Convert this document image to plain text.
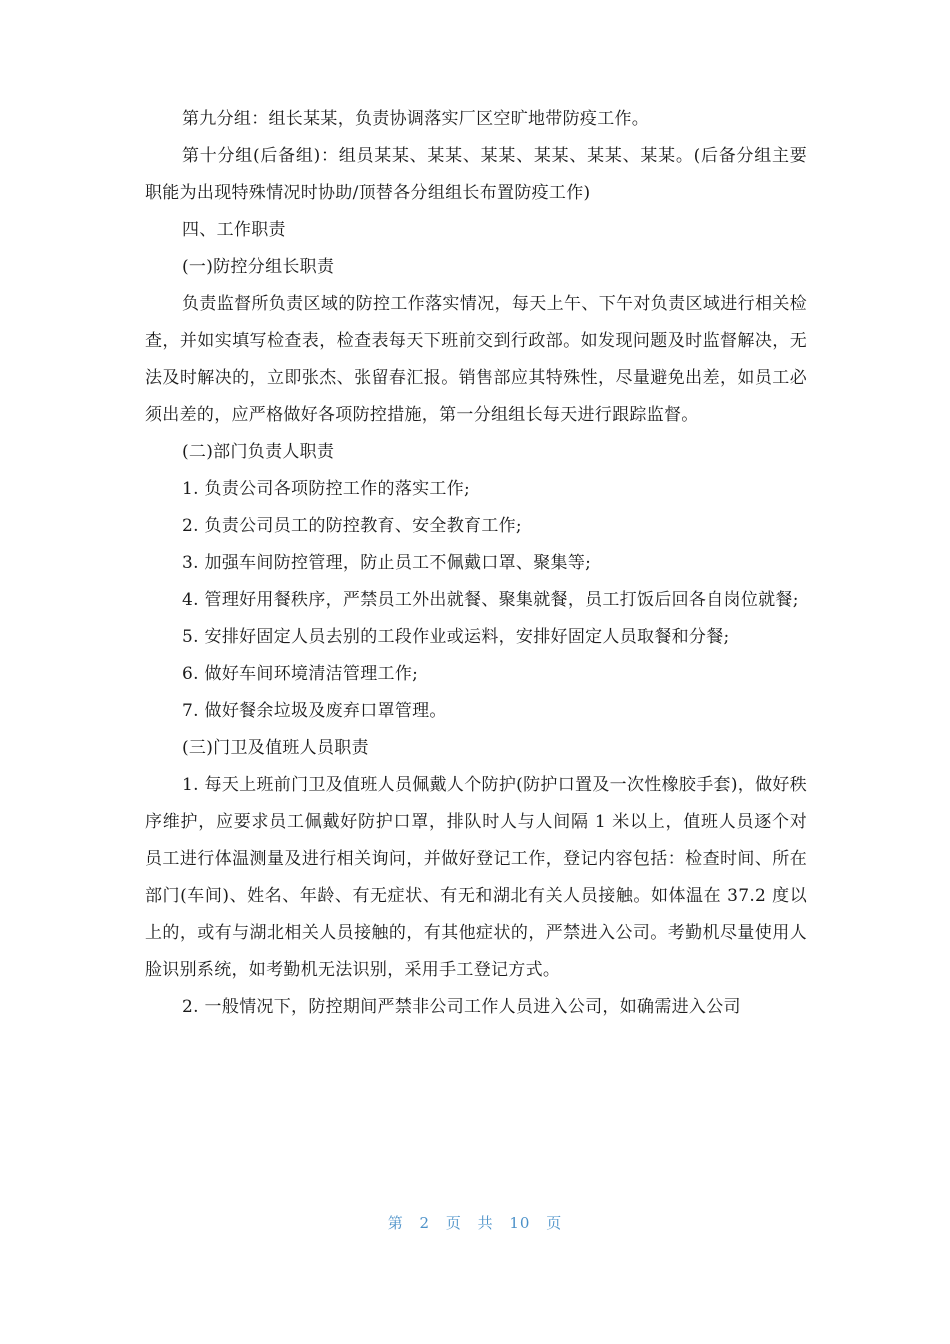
第九分组：组长某某，负责协调落实厂区空旷地带防疫工作。

第十分组(后备组)：组员某某、某某、某某、某某、某某、某某。(后备分组主要职能为出现特殊情况时协助/顶替各分组组长布置防疫工作)

四、工作职责

(一)防控分组长职责

负责监督所负责区域的防控工作落实情况，每天上午、下午对负责区域进行相关检查，并如实填写检查表，检查表每天下班前交到行政部。如发现问题及时监督解决，无法及时解决的，立即张杰、张留春汇报。销售部应其特殊性，尽量避免出差，如员工必须出差的，应严格做好各项防控措施，第一分组组长每天进行跟踪监督。

(二)部门负责人职责

1. 负责公司各项防控工作的落实工作;

2. 负责公司员工的防控教育、安全教育工作;

3. 加强车间防控管理，防止员工不佩戴口罩、聚集等;

4. 管理好用餐秩序，严禁员工外出就餐、聚集就餐，员工打饭后回各自岗位就餐;

5. 安排好固定人员去别的工段作业或运料，安排好固定人员取餐和分餐;

6. 做好车间环境清洁管理工作;

7. 做好餐余垃圾及废弃口罩管理。

(三)门卫及值班人员职责

1. 每天上班前门卫及值班人员佩戴人个防护(防护口置及一次性橡胶手套)，做好秩序维护，应要求员工佩戴好防护口罩，排队时人与人间隔 1 米以上，值班人员逐个对员工进行体温测量及进行相关询问，并做好登记工作，登记内容包括：检查时间、所在部门(车间)、姓名、年龄、有无症状、有无和湖北有关人员接触。如体温在 37.2 度以上的，或有与湖北相关人员接触的，有其他症状的，严禁进入公司。考勤机尽量使用人脸识别系统，如考勤机无法识别，采用手工登记方式。

2. 一般情况下，防控期间严禁非公司工作人员进入公司，如确需进入公司

第 2 页 共 10 页
